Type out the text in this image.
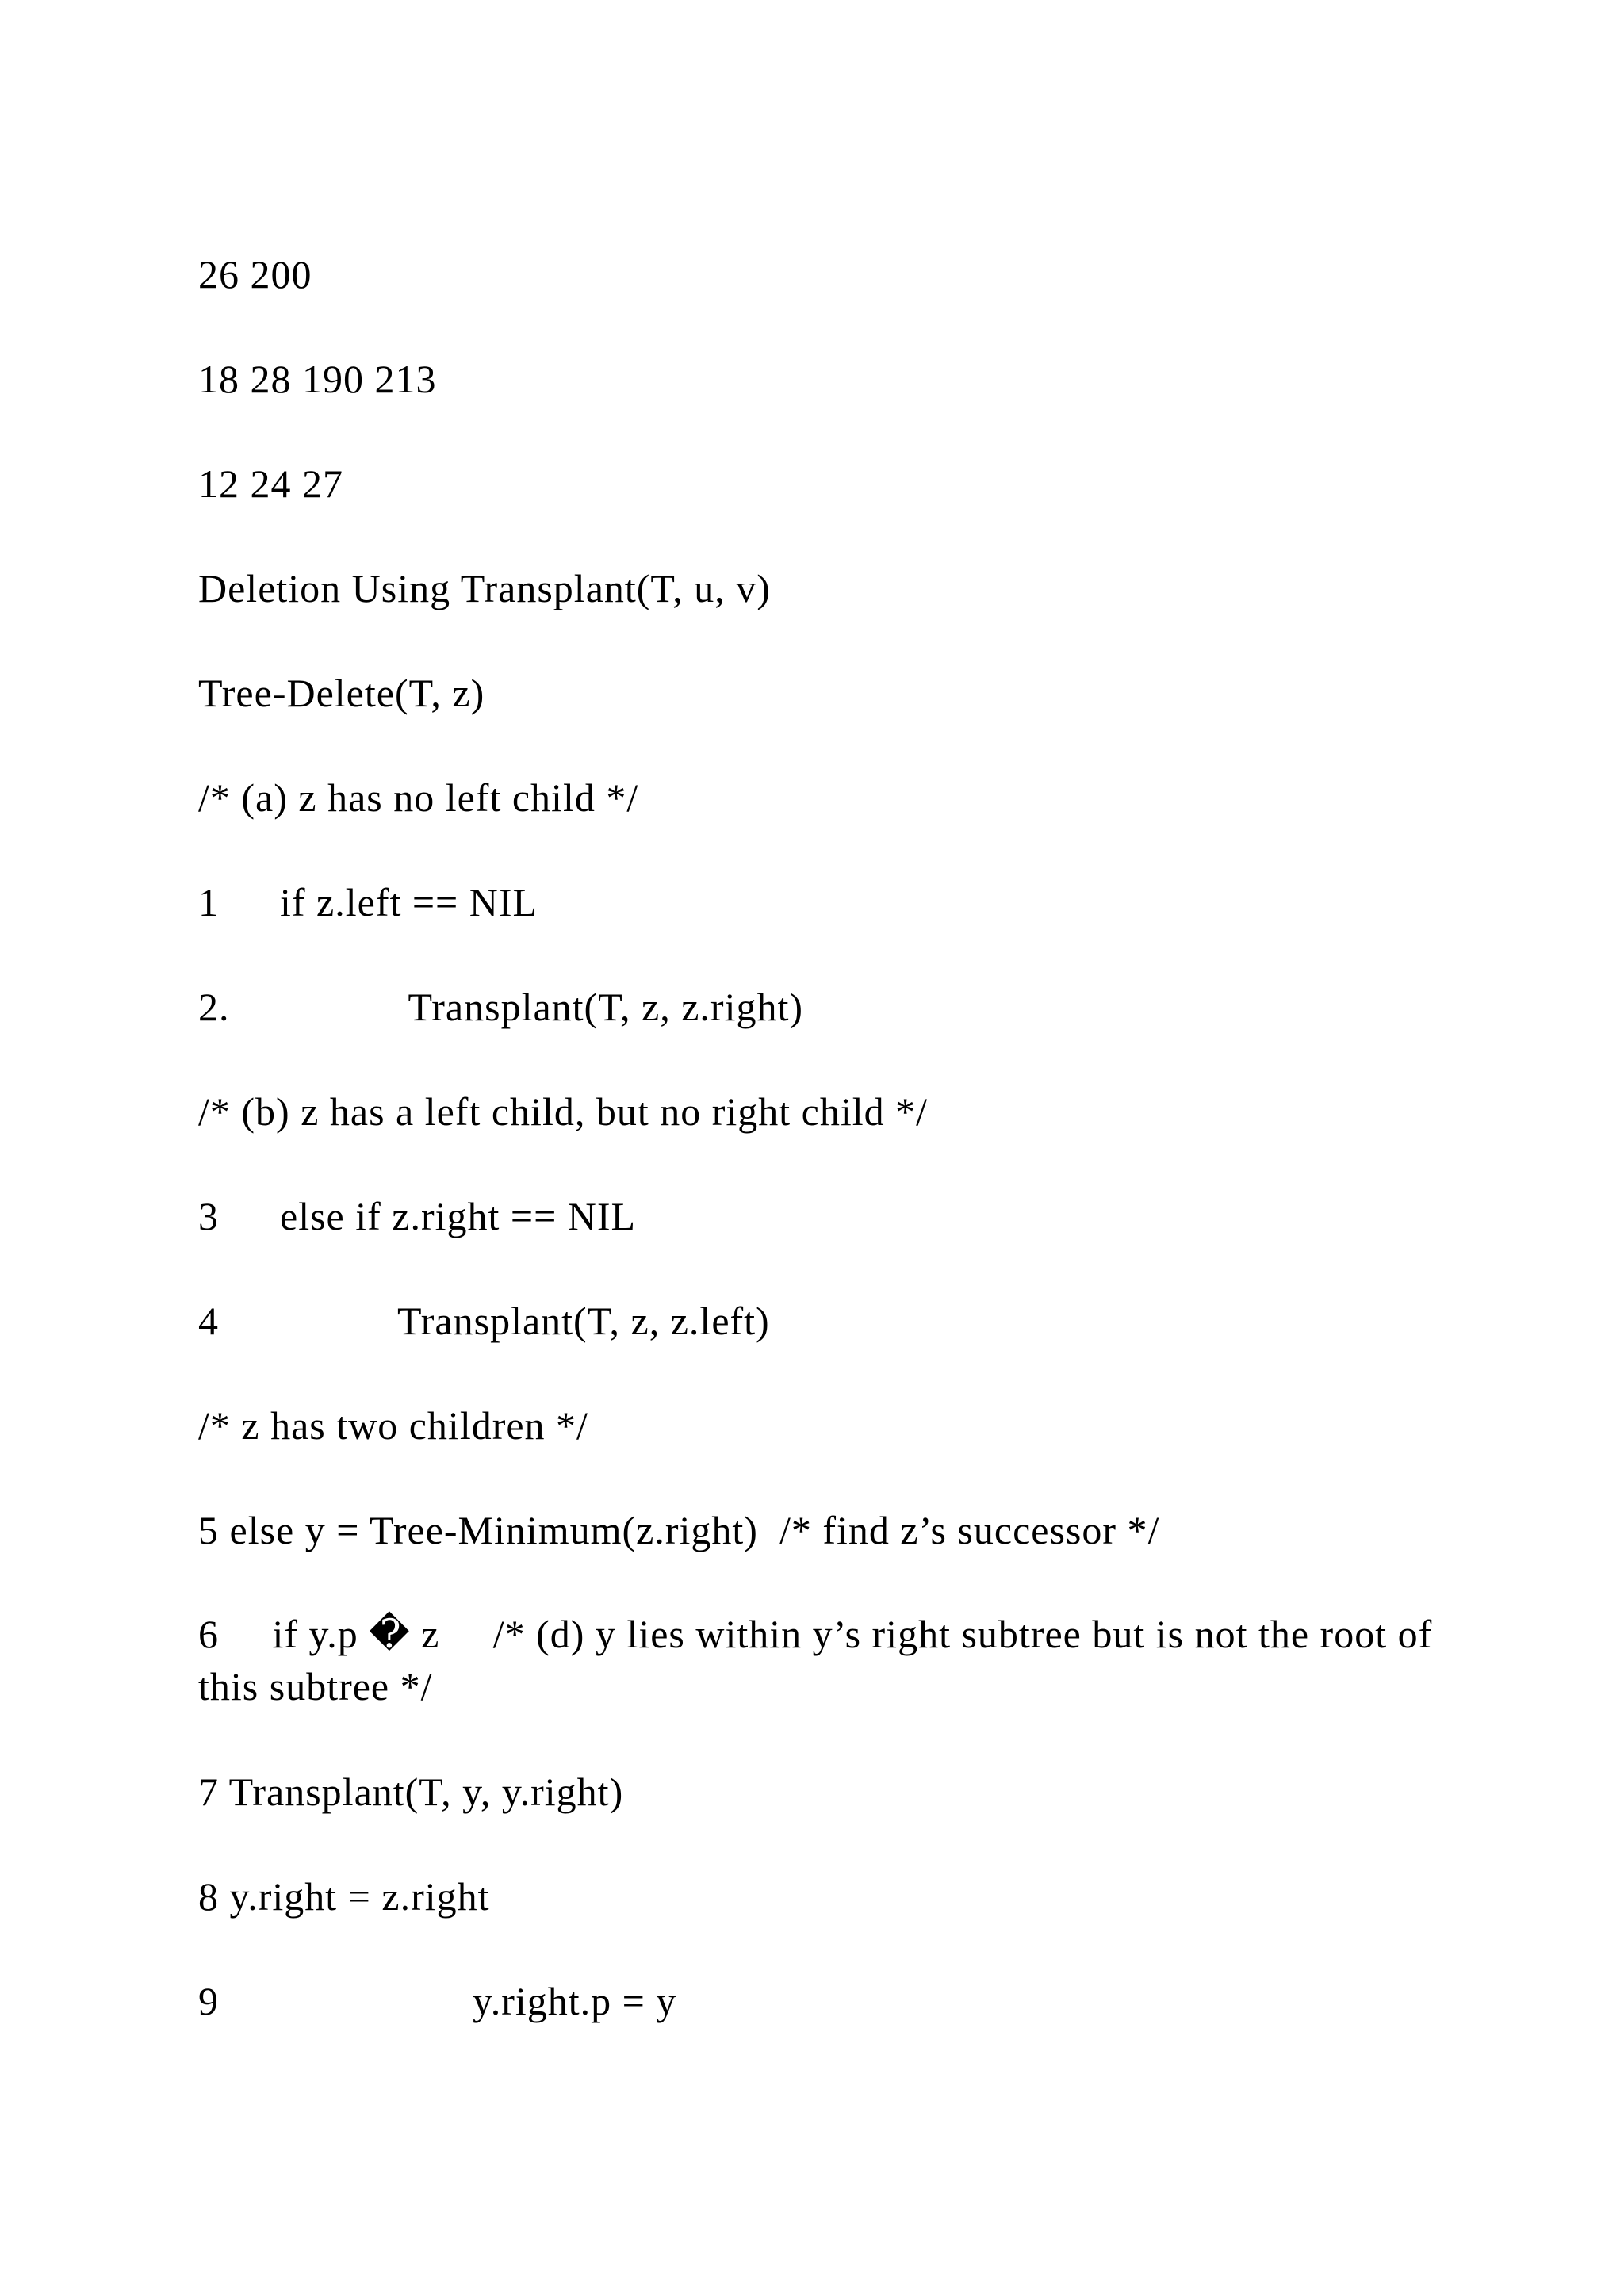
26 200
18 28 190 213
12 24 27
Deletion Using Transplant(T, u, v)
Tree-Delete(T, z)
/* (a) z has no left child */
1 if z.left == NIL
2.	Transplant(T, z, z.right)
/* (b) z has a left child, but no right child */
3 else if z.right == NIL
4	Transplant(T, z, z.left)
/* z has two children */
5 else y = Tree-Minimum(z.right)  /* find z’s successor */
6 if y.p � z /* (d) y lies within y’s right subtree but is not the root of this subtree */
7 Transplant(T, y, y.right)
8 y.right = z.right
9	y.right.p = y
